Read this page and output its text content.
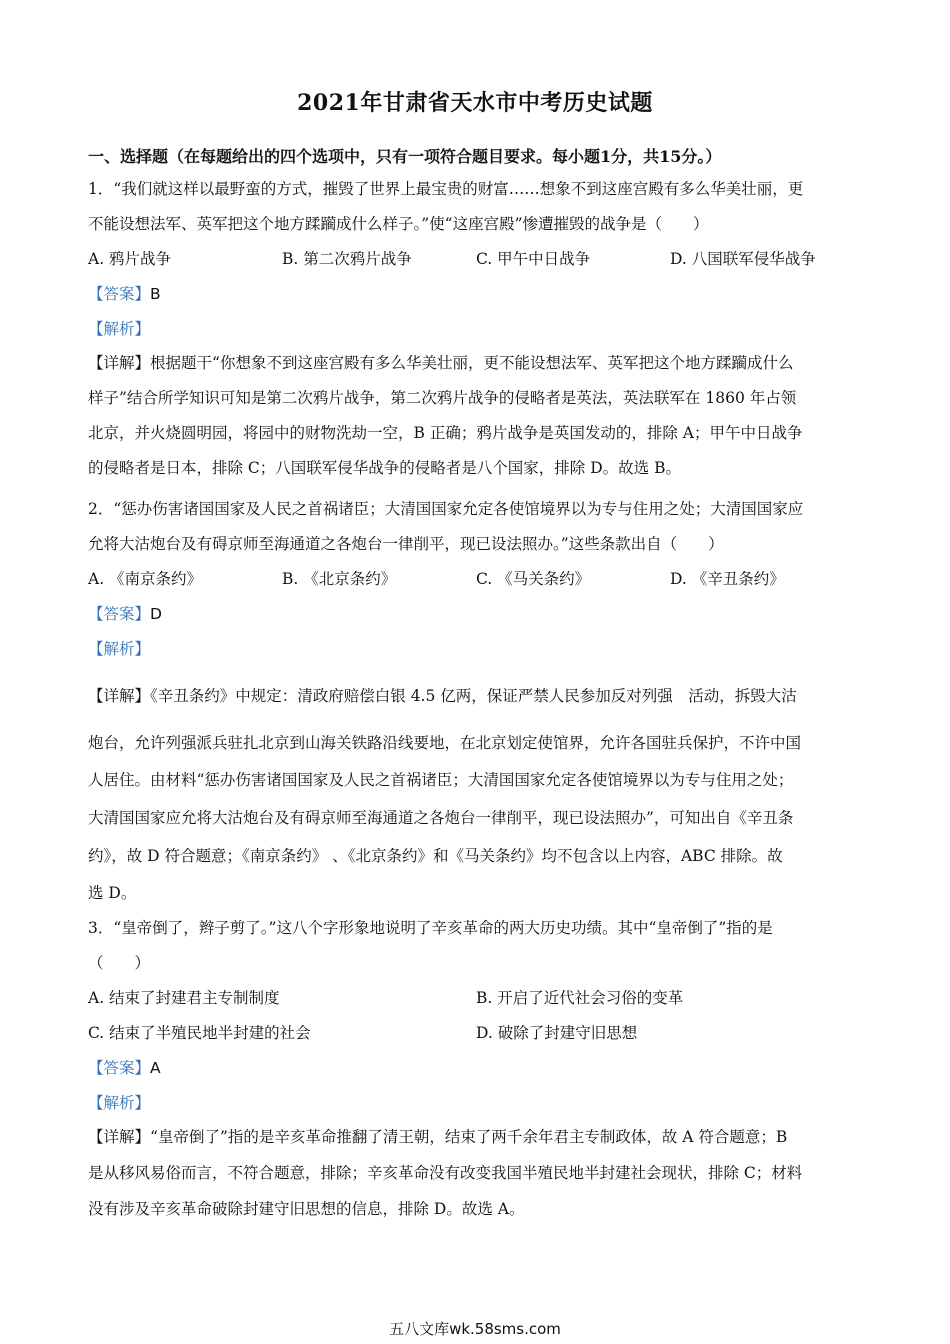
2021年甘肃省天水市中考历史试题
一、选择题（在每题给出的四个选项中，只有一项符合题目要求。每小题1分，共15分。）
1．“我们就这样以最野蛮的方式，摧毁了世界上最宝贵的财富……想象不到这座宫殿有多么华美壮丽，更
不能设想法军、英军把这个地方蹂躏成什么样子。”使“这座宫殿”惨遭摧毁的战争是（　　）
A. 鸦片战争	B. 第二次鸦片战争	C. 甲午中日战争	D. 八国联军侵华战争
【答案】B
【解析】
【详解】根据题干“你想象不到这座宫殿有多么华美壮丽，更不能设想法军、英军把这个地方蹂躏成什么
样子”结合所学知识可知是第二次鸦片战争，第二次鸦片战争的侵略者是英法，英法联军在 1860 年占领
北京，并火烧圆明园，将园中的财物洗劫一空，B 正确；鸦片战争是英国发动的，排除 A；甲午中日战争
的侵略者是日本，排除 C；八国联军侵华战争的侵略者是八个国家，排除 D。故选 B。
2．“惩办伤害诸国国家及人民之首祸诸臣；大清国国家允定各使馆境界以为专与住用之处；大清国国家应
允将大沽炮台及有碍京师至海通道之各炮台一律削平，现已设法照办。”这些条款出自（　　）
A. 《南京条约》	B. 《北京条约》	C. 《马关条约》	D. 《辛丑条约》
【答案】D
【解析】
【详解】《辛丑条约》中规定：清政府赔偿白银 4.5 亿两，保证严禁人民参加反对列强　活动，拆毁大沽
炮台，允许列强派兵驻扎北京到山海关铁路沿线要地，在北京划定使馆界，允许各国驻兵保护，不许中国
人居住。由材料“惩办伤害诸国国家及人民之首祸诸臣；大清国国家允定各使馆境界以为专与住用之处；
大清国国家应允将大沽炮台及有碍京师至海通道之各炮台一律削平，现已设法照办”，可知出自《辛丑条
约》，故 D 符合题意；《南京条约》 、《北京条约》和《马关条约》均不包含以上内容，ABC 排除。故
选 D。
3．“皇帝倒了，辫子剪了。”这八个字形象地说明了辛亥革命的两大历史功绩。其中“皇帝倒了”指的是
（　　）
A. 结束了封建君主专制制度	B. 开启了近代社会习俗的变革
C. 结束了半殖民地半封建的社会	D. 破除了封建守旧思想
【答案】A
【解析】
【详解】“皇帝倒了”指的是辛亥革命推翻了清王朝，结束了两千余年君主专制政体，故 A 符合题意；B
是从移风易俗而言，不符合题意，排除；辛亥革命没有改变我国半殖民地半封建社会现状，排除 C；材料
没有涉及辛亥革命破除封建守旧思想的信息，排除 D。故选 A。
五八文库wk.58sms.com
